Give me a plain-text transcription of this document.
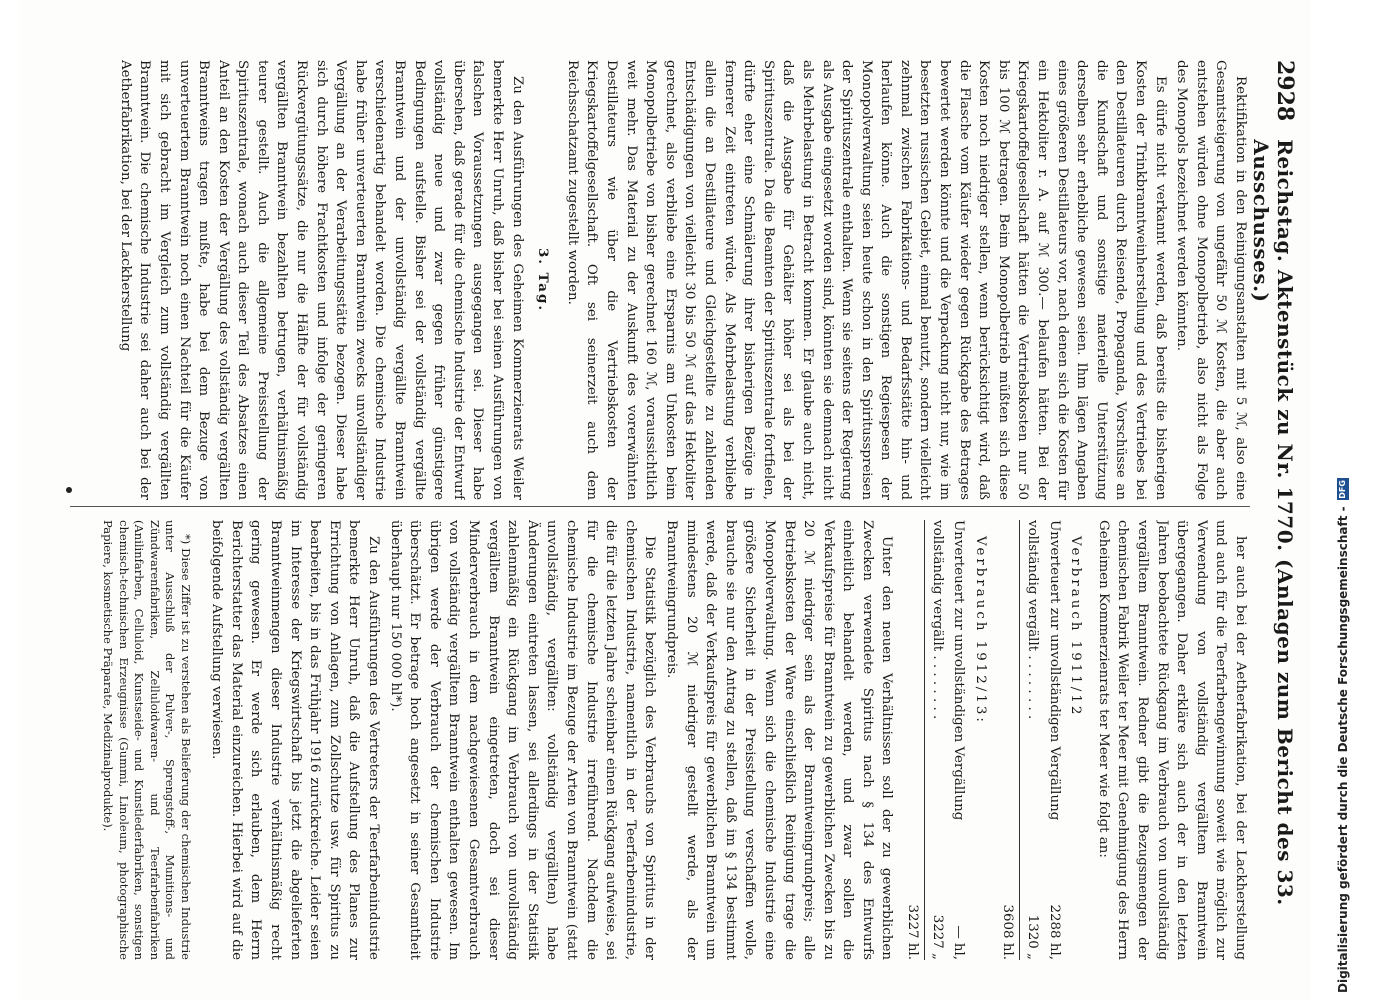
2928
Reichstag. Aktenstück zu Nr. 1770. (Anlagen zum Bericht des 33. Ausschusses.)

Rektifikation in den Reinigungsanstalten mit 5 ℳ, also eine Gesamtsteigerung von ungefähr 50 ℳ Kosten, die aber auch entstehen würden ohne Monopolbetrieb, also nicht als Folge des Monopols bezeichnet werden könnten.

Es dürfe nicht verkannt werden, daß bereits die bisherigen Kosten der Trinkbranntweinherstellung und des Vertriebes bei den Destillateuren durch Reisende, Propaganda, Vorschüsse an die Kundschaft und sonstige materielle Unterstützung derselben sehr erhebliche gewesen seien. Ihm lägen Angaben eines größeren Destillateurs vor, nach denen sich die Kosten für ein Hektoliter r. A. auf ℳ 300.— belaufen hätten. Bei der Kriegskartoffelgesellschaft hätten die Vertriebskosten nur 50 bis 100 ℳ betragen. Beim Monopolbetrieb müßten sich diese Kosten noch niedriger stellen, wenn berücksichtigt wird, daß die Flasche vom Käufer wieder gegen Rückgabe des Betrages bewertet werden könnte und die Verpackung nicht nur, wie im besetzten russischen Gebiet, einmal benutzt, sondern vielleicht zehnmal zwischen Fabrikations- und Bedarfsstätte hin- und herlaufen könne. Auch die sonstigen Regiespesen der Monopolverwaltung seien heute schon in den Spiritusspreisen der Spirituszentrale enthalten. Wenn sie seitens der Regierung als Ausgabe eingesetzt worden sind, könnten sie demnach nicht als Mehrbelastung in Betracht kommen. Er glaube auch nicht, daß die Ausgabe für Gehälter höher sei als bei der Spirituszentrale. Da die Beamten der Spirituszentrale fortfielen, dürfte eher eine Schmälerung ihrer bisherigen Bezüge in fernerer Zeit eintreten würde. Als Mehrbelastung verbliebe allein die an Destillateure und Gleichgestellte zu zahlenden Entschädigungen von vielleicht 30 bis 50 ℳ auf das Hektoliter gerechnet, also verbliebe eine Ersparnis am Unkosten beim Monopolbetriebe von bisher gerechnet 160 ℳ, voraussichtlich weit mehr. Das Material zu der Auskunft des vorerwähnten Destillateurs wie über die Vertriebskosten der Kriegskartoffelgesellschaft. Oft sei seinerzeit auch dem Reichsschatzamt zugestellt worden.

3. Tag.

Zu den Ausführungen des Geheimen Kommerzienrats Weiler bemerkte Herr Unruh, daß bisher bei seinen Ausführungen von falschen Voraussetzungen ausgegangen sei. Dieser habe übersehen, daß gerade für die chemische Industrie der Entwurf vollständig neue und zwar gegen früher günstigere Bedingungen aufstelle. Bisher sei der vollständig vergällte Branntwein und der unvollständig vergällte Branntwein verschiedenartig behandelt worden. Die chemische Industrie habe früher unverteuerten Branntwein zwecks unvollständiger Vergällung an der Verarbeitungsstätte bezogen. Dieser habe sich durch höhere Frachtkosten und infolge der geringeren Rückvergütungssätze, die nur die Hälfte der für vollständig vergällten Branntwein bezahlten betrugen, verhältnismäßig teurer gestellt. Auch die allgemeine Preisstellung der Spirituszentrale, wonach auch dieser Teil des Absatzes einen Anteil an den Kosten der Vergällung des vollständig vergällten Branntweins tragen mußte, habe bei dem Bezuge von unverteuertem Branntwein noch einen Nachteil für die Käufer mit sich gebracht im Vergleich zum vollständig vergällten Branntwein. Die chemische Industrie sei daher auch bei der Aetherfabrikation, bei der Lackherstellung

her auch bei der Aetherfabrikation, bei der Lackherstellung und auch für die Teerfarbengewinnung soweit wie möglich zur Verwendung von vollständig vergälltem Branntwein übergegangen. Daher erkläre sich auch der in den letzten Jahren beobachtete Rückgang im Verbrauch von unvollständig vergälltem Branntwein. Redner gibt die Bezugsmengen der chemischen Fabrik Weiler ter Meer mit Genehmigung des Herrn Geheimen Kommerzienrats ter Meer wie folgt an:

Verbrauch 1911/12
Unverteuert zur unvollständigen Vergällung
2288 hl,
vollständig vergällt . . . . . . . .
1320 „
3608 hl.
Verbrauch 1912/13:
Unverteuert zur unvollständigen Vergällung
— hl,
vollständig vergällt . . . . . . . .
3227 „
3227 hl.

Unter den neuen Verhältnissen soll der zu gewerblichen Zwecken verwendete Spiritus nach § 134 des Entwurfs einheitlich behandelt werden, und zwar sollen die Verkaufspreise für Branntwein zu gewerblichen Zwecken bis zu 20 ℳ niedriger sein als der Branntweingrundpreis; alle Betriebskosten der Ware einschließlich Reinigung trage die Monopolverwaltung. Wenn sich die chemische Industrie eine größere Sicherheit in der Preisstellung verschaffen wolle, brauche sie nur den Antrag zu stellen, daß im § 134 bestimmt werde, daß der Verkaufspreis für gewerblichen Branntwein um mindestens 20 ℳ niedriger gestellt werde, als der Branntweingrundpreis.

Die Statistik bezüglich des Verbrauchs von Spiritus in der chemischen Industrie, namentlich in der Teerfarbenindustrie, die für die letzten Jahre scheinbar einen Rückgang aufweise, sei für die chemische Industrie irreführend. Nachdem die chemische Industrie im Bezuge der Arten von Branntwein (statt unvollständig, vergällten: vollständig vergällten) habe Änderungen eintreten lassen, sei allerdings in der Statistik zahlenmäßig ein Rückgang im Verbrauch von unvollständig vergälltem Branntwein eingetreten, doch sei dieser Minderverbrauch in dem nachgewiesenen Gesamtverbrauch von vollständig vergälltem Branntwein enthalten gewesen. Im übrigen werde der Verbrauch der chemischen Industrie überschätzt. Er betrage hoch angesetzt in seiner Gesamtheit überhaupt nur 150 000 hl*).

Zu den Ausführungen des Vertreters der Teerfarbenindustrie bemerkte Herr Unruh, daß die Aufstellung des Planes zur Errichtung von Anlagen, zum Zollschutze usw. für Spiritus zu bearbeiten, bis in das Frühjahr 1916 zurückreiche. Leider seien im Interesse der Kriegswirtschaft bis jetzt die abgelieferten Branntweinmengen dieser Industrie verhältnismäßig recht gering gewesen. Er werde sich erlauben, dem Herrn Berichterstatter das Material einzureichen. Hierbei wird auf die beifolgende Aufstellung verwiesen.

*) Diese Ziffer ist zu verstehen als Belieferung der chemischen Industrie unter Ausschluß der Pulver-, Sprengstoff-, Munitions- und Zündwarenfabriken, Zelluloidwaren- und Teerfarbenfabriken (Anilinfarben, Celluloid, Kunstseide- und Kunstlederfabriken, sonstigen chemisch-technischen Erzeugnisse (Gummi, Linoleum, photographische Papiere, kosmetische Präparate, Medizinalprodukte).	Digitalisierung gefördert durch die Deutsche Forschungsgemeinschaft -
DFG
